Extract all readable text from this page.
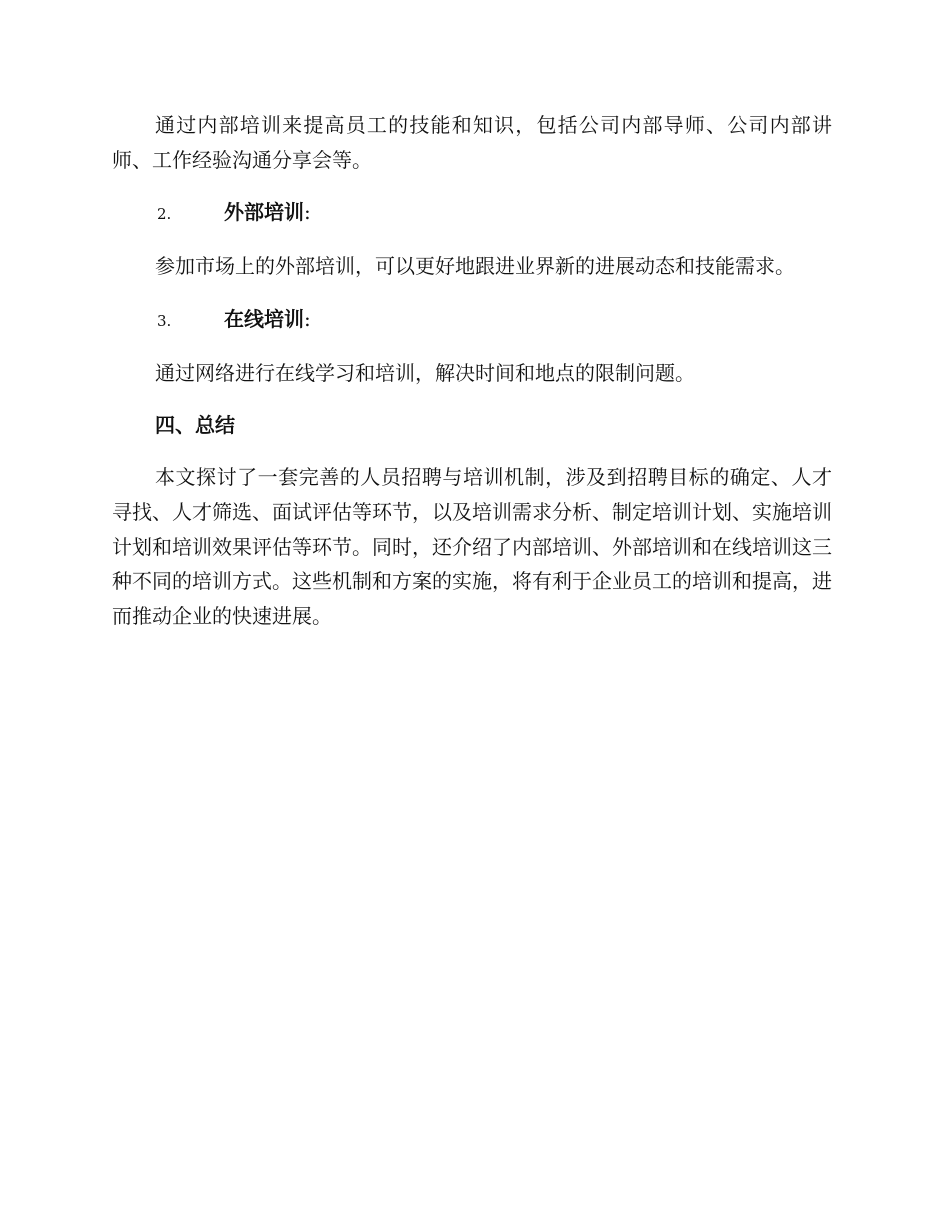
通过内部培训来提高员工的技能和知识，包括公司内部导师、公司内部讲师、工作经验沟通分享会等。

2.	外部培训 :

参加市场上的外部培训，可以更好地跟进业界新的进展动态和技能需求。

3.	在线培训 :

通过网络进行在线学习和培训，解决时间和地点的限制问题。

四、总结

本文探讨了一套完善的人员招聘与培训机制，涉及到招聘目标的确定、人才寻找、人才筛选、面试评估等环节，以及培训需求分析、制定培训计划、实施培训计划和培训效果评估等环节。同时，还介绍了内部培训、外部培训和在线培训这三种不同的培训方式。这些机制和方案的实施，将有利于企业员工的培训和提高，进而推动企业的快速进展。
